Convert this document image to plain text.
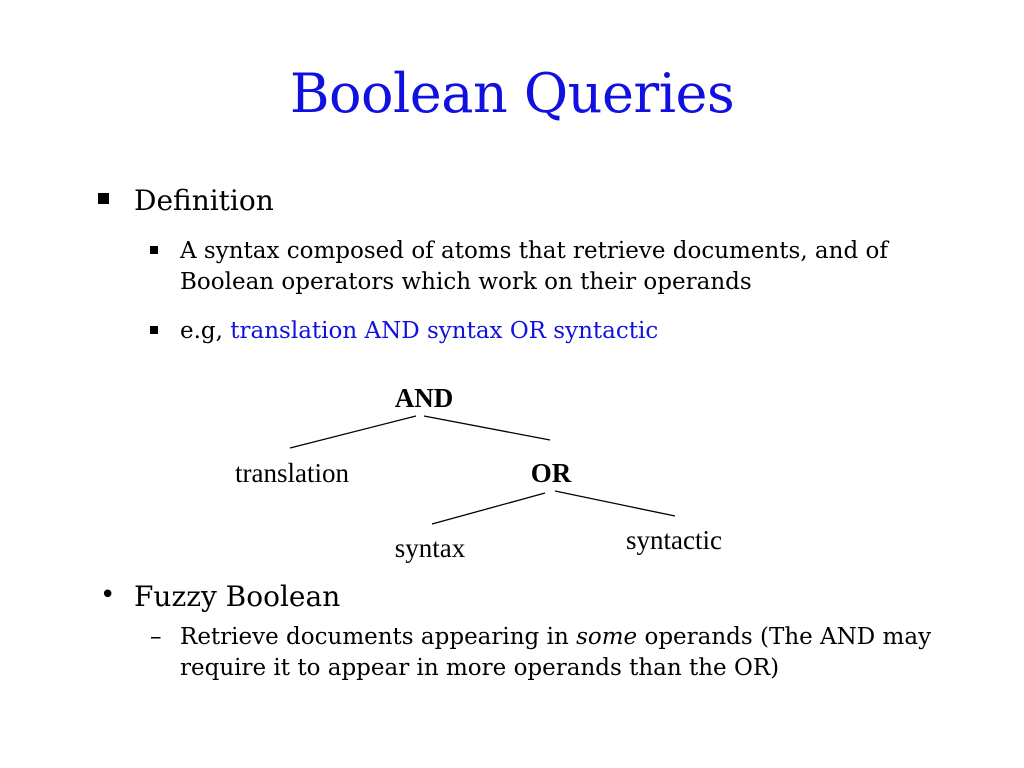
Boolean Queries
Definition
A syntax composed of atoms that retrieve documents, and of Boolean operators which work on their operands
e.g, translation AND syntax OR syntactic
AND
translation	OR
syntax	syntactic
• Fuzzy Boolean
– Retrieve documents appearing in some operands (The AND may require it to appear in more operands than the OR)
